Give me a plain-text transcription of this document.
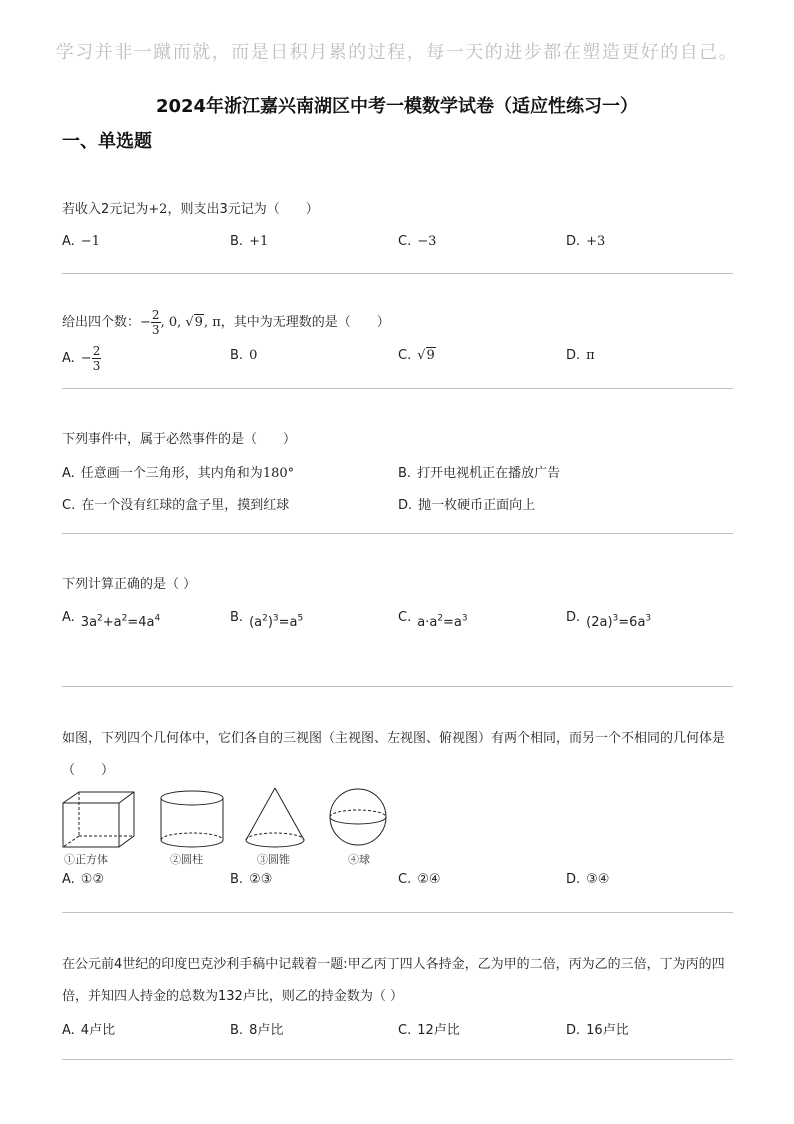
学习并非一蹴而就，而是日积月累的过程，每一天的进步都在塑造更好的自己。
2024年浙江嘉兴南湖区中考一模数学试卷（适应性练习一）
一、单选题
若收入2元记为+2，则支出3元记为（　　）
A. −1	B. +1	C. −3	D. +3
给出四个数：− $\frac{2}{3}$ , 0, √9, π，其中为无理数的是（　　）
A. − $\frac{2}{3}$	B. 0	C. √9	D. π
下列事件中，属于必然事件的是（　　）
A. 任意画一个三角形，其内角和为180°	B. 打开电视机正在播放广告
C. 在一个没有红球的盒子里，摸到红球	D. 抛一枚硬币正面向上
下列计算正确的是（ ）
A. $3a^2+a^2=4a^4$	B. $(a^2)^3=a^5$	C. $a\cdot a^2=a^3$	D. $(2a)^3=6a^3$
如图，下列四个几何体中，它们各自的三视图（主视图、左视图、俯视图）有两个相同，而另一个不相同的几何体是（　　）
①正方体	②圆柱	③圆锥	④球
A. ①②	B. ②③	C. ②④	D. ③④
在公元前4世纪的印度巴克沙利手稿中记载着一题:甲乙丙丁四人各持金，乙为甲的二倍，丙为乙的三倍，丁为丙的四倍，并知四人持金的总数为132卢比，则乙的持金数为（ ）
A. 4卢比	B. 8卢比	C. 12卢比	D. 16卢比
